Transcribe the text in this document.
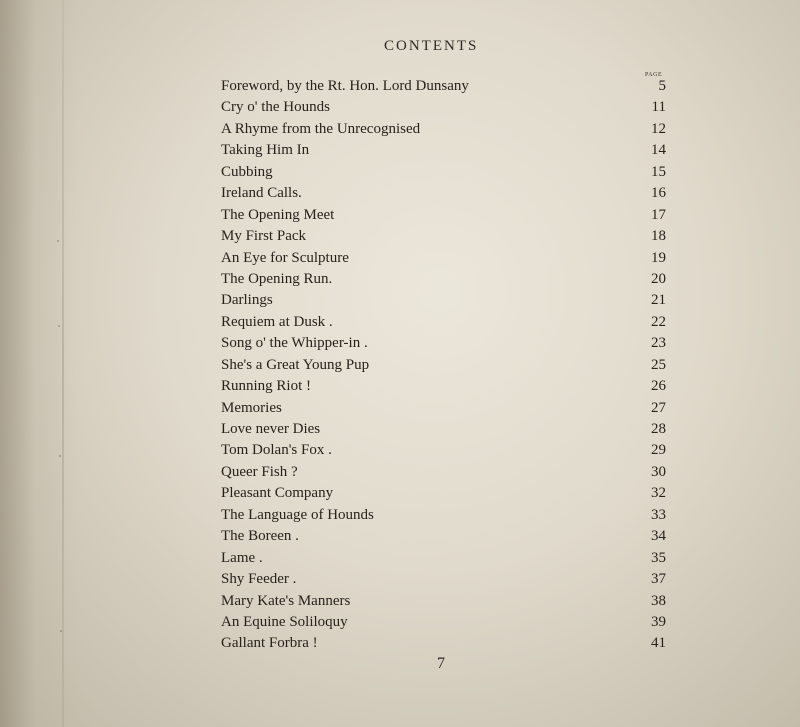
CONTENTS
PAGE
Foreword, by the Rt. Hon. Lord Dunsany	5
Cry o' the Hounds	11
A Rhyme from the Unrecognised	12
Taking Him In	14
Cubbing	15
Ireland Calls.	16
The Opening Meet	17
My First Pack	18
An Eye for Sculpture	19
The Opening Run.	20
Darlings	21
Requiem at Dusk .	22
Song o' the Whipper-in .	23
She's a Great Young Pup	25
Running Riot !	26
Memories	27
Love never Dies	28
Tom Dolan's Fox .	29
Queer Fish ?	30
Pleasant Company	32
The Language of Hounds	33
The Boreen .	34
Lame .	35
Shy Feeder .	37
Mary Kate's Manners	38
An Equine Soliloquy	39
Gallant Forbra !	41
7
